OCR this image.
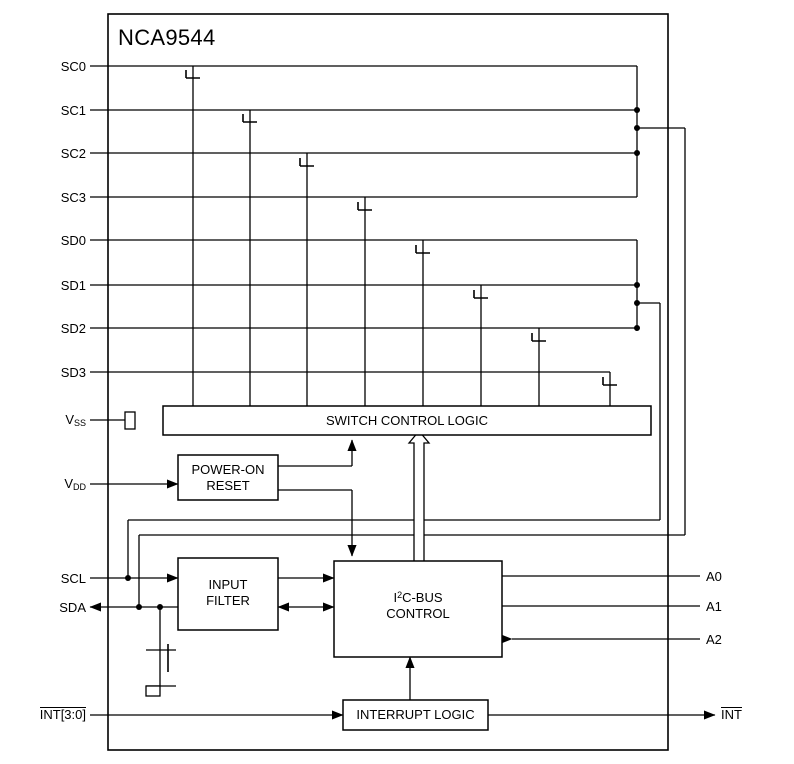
NCA9544
SC0
SC1
SC2
SC3
SD0
SD1
SD2
SD3
$V_{SS}$
$V_{DD}$
SCL
SDA
INT[3:0]
A0
A1
A2
INT
SWITCH CONTROL LOGIC
POWER-ON
RESET
INPUT
FILTER	$I^2C$-BUS
CONTROL
INTERRUPT LOGIC
